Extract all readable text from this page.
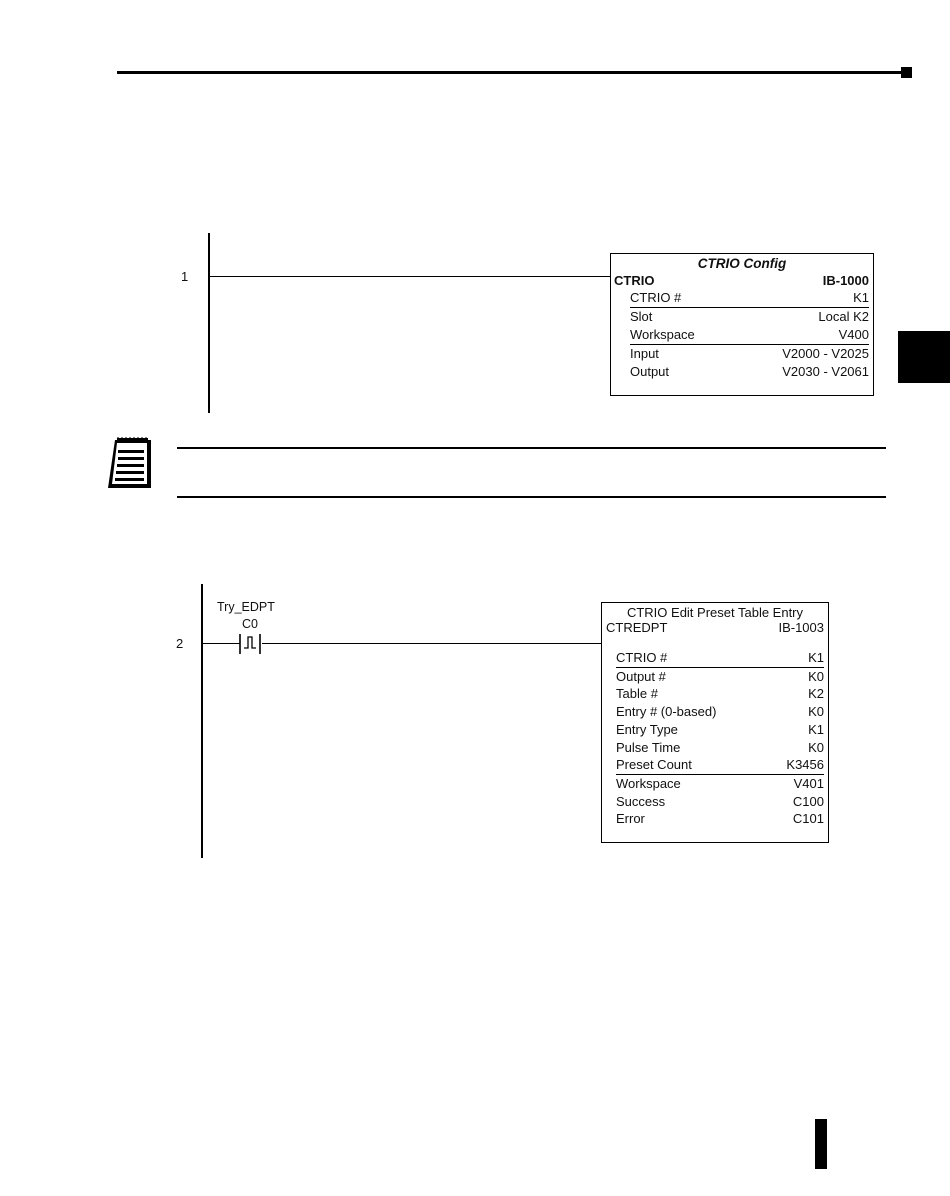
1
CTRIO Config
CTRIO	IB-1000
CTRIO #	K1
Slot	Local K2
Workspace	V400
Input	V2000 - V2025
Output	V2030 - V2061
2
Try_EDPT
C0
CTRIO Edit Preset Table Entry
CTREDPT	IB-1003
CTRIO #	K1
Output #	K0
Table #	K2
Entry # (0-based)	K0
Entry Type	K1
Pulse Time	K0
Preset Count	K3456
Workspace	V401
Success	C100
Error	C101
